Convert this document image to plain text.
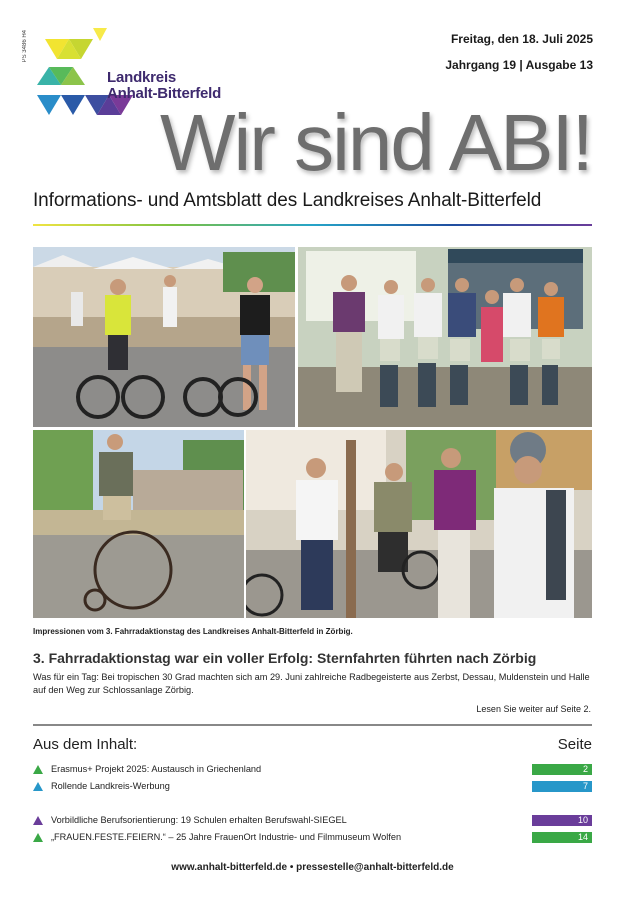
PS 3486 H4
Landkreis
Anhalt-Bitterfeld
Freitag, den 18. Juli 2025
Jahrgang 19 | Ausgabe 13
Wir sind ABI!
Informations- und Amtsblatt des Landkreises Anhalt-Bitterfeld
Impressionen vom 3. Fahrradaktionstag des Landkreises Anhalt-Bitterfeld in Zörbig.
3. Fahrradaktionstag war ein voller Erfolg: Sternfahrten führten nach Zörbig
Was für ein Tag: Bei tropischen 30 Grad machten sich am 29. Juni zahlreiche Radbegeisterte aus Zerbst, Dessau, Muldenstein und Halle auf den Weg zur Schlossanlage Zörbig.
Lesen Sie weiter auf Seite 2.
Aus dem Inhalt:	Seite
Erasmus+ Projekt 2025: Austausch in Griechenland	2
Rollende Landkreis-Werbung	7
Vorbildliche Berufsorientierung: 19 Schulen erhalten Berufswahl-SIEGEL	10
„FRAUEN.FESTE.FEIERN.“ – 25 Jahre FrauenOrt Industrie- und Filmmuseum Wolfen	14
www.anhalt-bitterfeld.de • pressestelle@anhalt-bitterfeld.de
